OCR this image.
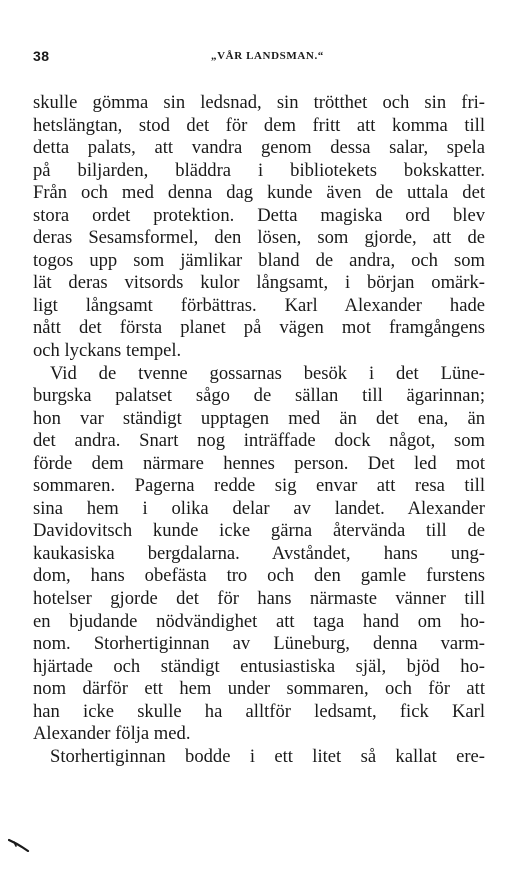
38	„VÅR LANDSMAN.“
skulle gömma sin ledsnad, sin trötthet och sin fri-
hetslängtan, stod det för dem fritt att komma till
detta palats, att vandra genom dessa salar, spela
på biljarden, bläddra i bibliotekets bokskatter.
Från och med denna dag kunde även de uttala det
stora ordet protektion. Detta magiska ord blev
deras Sesamsformel, den lösen, som gjorde, att de
togos upp som jämlikar bland de andra, och som
lät deras vitsords kulor långsamt, i början omärk-
ligt långsamt förbättras. Karl Alexander hade
nått det första planet på vägen mot framgångens
och lyckans tempel.
Vid de tvenne gossarnas besök i det Lüne-
burgska palatset sågo de sällan till ägarinnan;
hon var ständigt upptagen med än det ena, än
det andra. Snart nog inträffade dock något, som
förde dem närmare hennes person. Det led mot
sommaren. Pagerna redde sig envar att resa till
sina hem i olika delar av landet. Alexander
Davidovitsch kunde icke gärna återvända till de
kaukasiska bergdalarna. Avståndet, hans ung-
dom, hans obefästa tro och den gamle furstens
hotelser gjorde det för hans närmaste vänner till
en bjudande nödvändighet att taga hand om ho-
nom. Storhertiginnan av Lüneburg, denna varm-
hjärtade och ständigt entusiastiska själ, bjöd ho-
nom därför ett hem under sommaren, och för att
han icke skulle ha alltför ledsamt, fick Karl
Alexander följa med.
Storhertiginnan bodde i ett litet så kallat ere-
